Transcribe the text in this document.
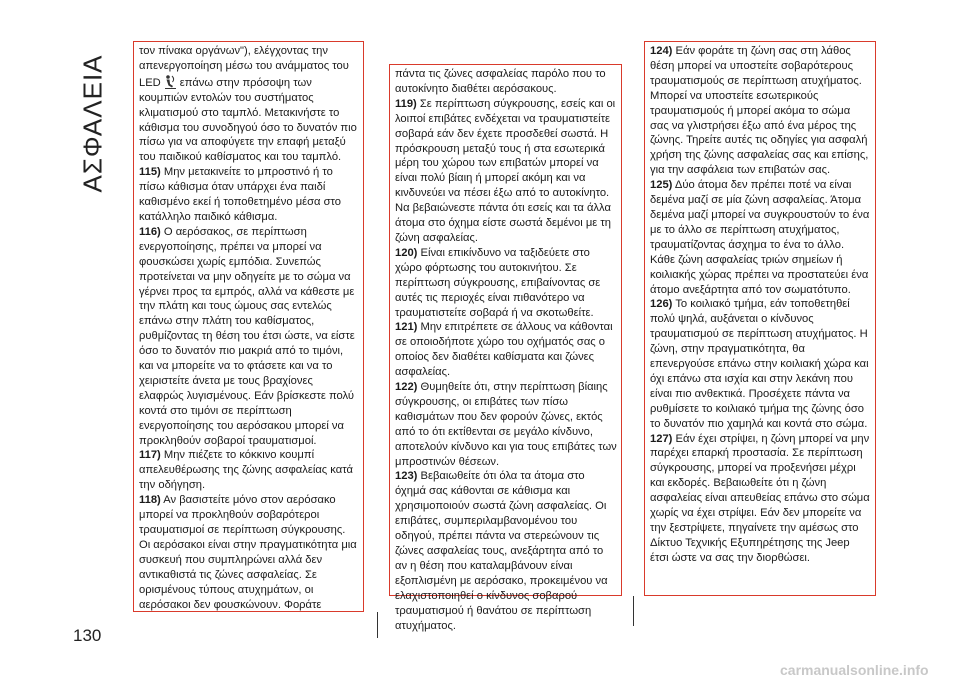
ΑΣΦΑΛΕΙΑ

τον πίνακα οργάνων"), ελέγχοντας την απενεργοποίηση μέσω του ανάμματος του LED επάνω στην πρόσοψη των κουμπιών εντολών του συστήματος κλιματισμού στο ταμπλό. Μετακινήστε το κάθισμα του συνοδηγού όσο το δυνατόν πιο πίσω για να αποφύγετε την επαφή μεταξύ του παιδικού καθίσματος και του ταμπλό.

115) Μην μετακινείτε το μπροστινό ή το πίσω κάθισμα όταν υπάρχει ένα παιδί καθισμένο εκεί ή τοποθετημένο μέσα στο κατάλληλο παιδικό κάθισμα.

116) Ο αερόσακος, σε περίπτωση ενεργοποίησης, πρέπει να μπορεί να φουσκώσει χωρίς εμπόδια. Συνεπώς προτείνεται να μην οδηγείτε με το σώμα να γέρνει προς τα εμπρός, αλλά να κάθεστε με την πλάτη και τους ώμους σας εντελώς επάνω στην πλάτη του καθίσματος, ρυθμίζοντας τη θέση του έτσι ώστε, να είστε όσο το δυνατόν πιο μακριά από το τιμόνι, και να μπορείτε να το φτάσετε και να το χειριστείτε άνετα με τους βραχίονες ελαφρώς λυγισμένους. Εάν βρίσκεστε πολύ κοντά στο τιμόνι σε περίπτωση ενεργοποίησης του αερόσακου μπορεί να προκληθούν σοβαροί τραυματισμοί.

117) Μην πιέζετε το κόκκινο κουμπί απελευθέρωσης της ζώνης ασφαλείας κατά την οδήγηση.

118) Αν βασιστείτε μόνο στον αερόσακο μπορεί να προκληθούν σοβαρότεροι τραυματισμοί σε περίπτωση σύγκρουσης. Οι αερόσακοι είναι στην πραγματικότητα μια συσκευή που συμπληρώνει αλλά δεν αντικαθιστά τις ζώνες ασφαλείας. Σε ορισμένους τύπους ατυχημάτων, οι αερόσακοι δεν φουσκώνουν. Φοράτε

πάντα τις ζώνες ασφαλείας παρόλο που το αυτοκίνητο διαθέτει αερόσακους.

119) Σε περίπτωση σύγκρουσης, εσείς και οι λοιποί επιβάτες ενδέχεται να τραυματιστείτε σοβαρά εάν δεν έχετε προσδεθεί σωστά. Η πρόσκρουση μεταξύ τους ή στα εσωτερικά μέρη του χώρου των επιβατών μπορεί να είναι πολύ βίαιη ή μπορεί ακόμη και να κινδυνεύει να πέσει έξω από το αυτοκίνητο. Να βεβαιώνεστε πάντα ότι εσείς και τα άλλα άτομα στο όχημα είστε σωστά δεμένοι με τη ζώνη ασφαλείας.

120) Είναι επικίνδυνο να ταξιδεύετε στο χώρο φόρτωσης του αυτοκινήτου. Σε περίπτωση σύγκρουσης, επιβαίνοντας σε αυτές τις περιοχές είναι πιθανότερο να τραυματιστείτε σοβαρά ή να σκοτωθείτε.

121) Μην επιτρέπετε σε άλλους να κάθονται σε οποιοδήποτε χώρο του οχήματός σας ο οποίος δεν διαθέτει καθίσματα και ζώνες ασφαλείας.

122) Θυμηθείτε ότι, στην περίπτωση βίαιης σύγκρουσης, οι επιβάτες των πίσω καθισμάτων που δεν φορούν ζώνες, εκτός από το ότι εκτίθενται σε μεγάλο κίνδυνο, αποτελούν κίνδυνο και για τους επιβάτες των μπροστινών θέσεων.

123) Βεβαιωθείτε ότι όλα τα άτομα στο όχημά σας κάθονται σε κάθισμα και χρησιμοποιούν σωστά ζώνη ασφαλείας. Οι επιβάτες, συμπεριλαμβανομένου του οδηγού, πρέπει πάντα να στερεώνουν τις ζώνες ασφαλείας τους, ανεξάρτητα από το αν η θέση που καταλαμβάνουν είναι εξοπλισμένη με αερόσακο, προκειμένου να ελαχιστοποιηθεί ο κίνδυνος σοβαρού τραυματισμού ή θανάτου σε περίπτωση ατυχήματος.

124) Εάν φοράτε τη ζώνη σας στη λάθος θέση μπορεί να υποστείτε σοβαρότερους τραυματισμούς σε περίπτωση ατυχήματος. Μπορεί να υποστείτε εσωτερικούς τραυματισμούς ή μπορεί ακόμα το σώμα σας να γλιστρήσει έξω από ένα μέρος της ζώνης. Τηρείτε αυτές τις οδηγίες για ασφαλή χρήση της ζώνης ασφαλείας σας και επίσης, για την ασφάλεια των επιβατών σας.

125) Δύο άτομα δεν πρέπει ποτέ να είναι δεμένα μαζί σε μία ζώνη ασφαλείας. Άτομα δεμένα μαζί μπορεί να συγκρουστούν το ένα με το άλλο σε περίπτωση ατυχήματος, τραυματίζοντας άσχημα το ένα το άλλο. Κάθε ζώνη ασφαλείας τριών σημείων ή κοιλιακής χώρας πρέπει να προστατεύει ένα άτομο ανεξάρτητα από τον σωματότυπο.

126) Το κοιλιακό τμήμα, εάν τοποθετηθεί πολύ ψηλά, αυξάνεται ο κίνδυνος τραυματισμού σε περίπτωση ατυχήματος. Η ζώνη, στην πραγματικότητα, θα επενεργούσε επάνω στην κοιλιακή χώρα και όχι επάνω στα ισχία και στην λεκάνη που είναι πιο ανθεκτικά. Προσέχετε πάντα να ρυθμίσετε το κοιλιακό τμήμα της ζώνης όσο το δυνατόν πιο χαμηλά και κοντά στο σώμα.

127) Εάν έχει στρίψει, η ζώνη μπορεί να μην παρέχει επαρκή προστασία. Σε περίπτωση σύγκρουσης, μπορεί να προξενήσει μέχρι και εκδορές. Βεβαιωθείτε ότι η ζώνη ασφαλείας είναι απευθείας επάνω στο σώμα χωρίς να έχει στρίψει. Εάν δεν μπορείτε να την ξεστρίψετε, πηγαίνετε την αμέσως στο Δίκτυο Τεχνικής Εξυπηρέτησης της Jeep έτσι ώστε να σας την διορθώσει.

130
carmanualsonline.info
